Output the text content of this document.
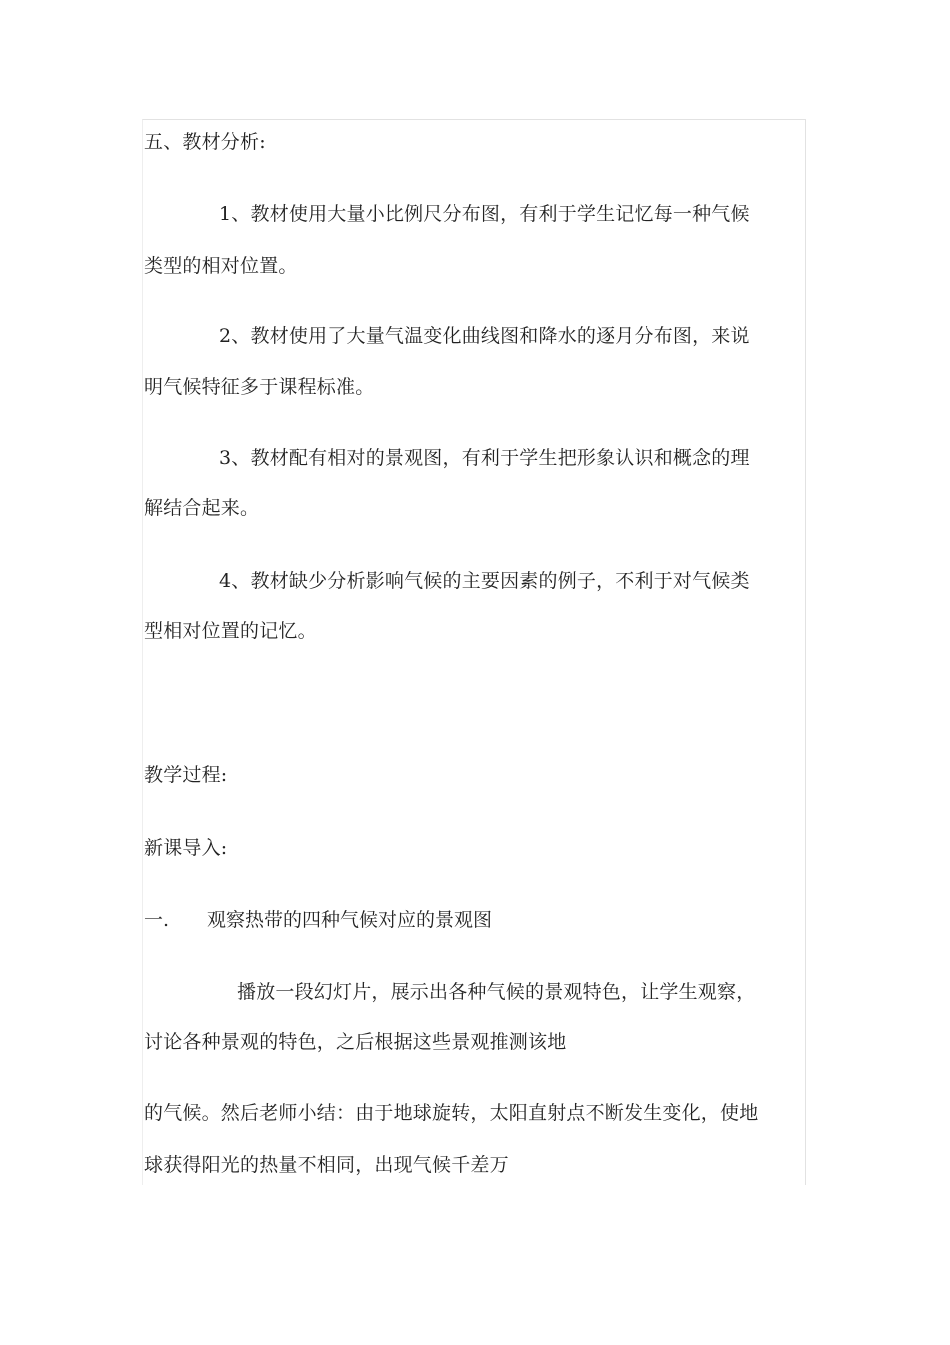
五、教材分析:
1、教材使用大量小比例尺分布图，有利于学生记忆每一种气候
类型的相对位置。
2、教材使用了大量气温变化曲线图和降水的逐月分布图，来说
明气候特征多于课程标准。
3、教材配有相对的景观图，有利于学生把形象认识和概念的理
解结合起来。
4、教材缺少分析影响气候的主要因素的例子，不利于对气候类
型相对位置的记忆。
教学过程:
新课导入:
一. 观察热带的四种气候对应的景观图
播放一段幻灯片，展示出各种气候的景观特色，让学生观察，
讨论各种景观的特色，之后根据这些景观推测该地
的气候。然后老师小结：由于地球旋转，太阳直射点不断发生变化，使地
球获得阳光的热量不相同，出现气候千差万
